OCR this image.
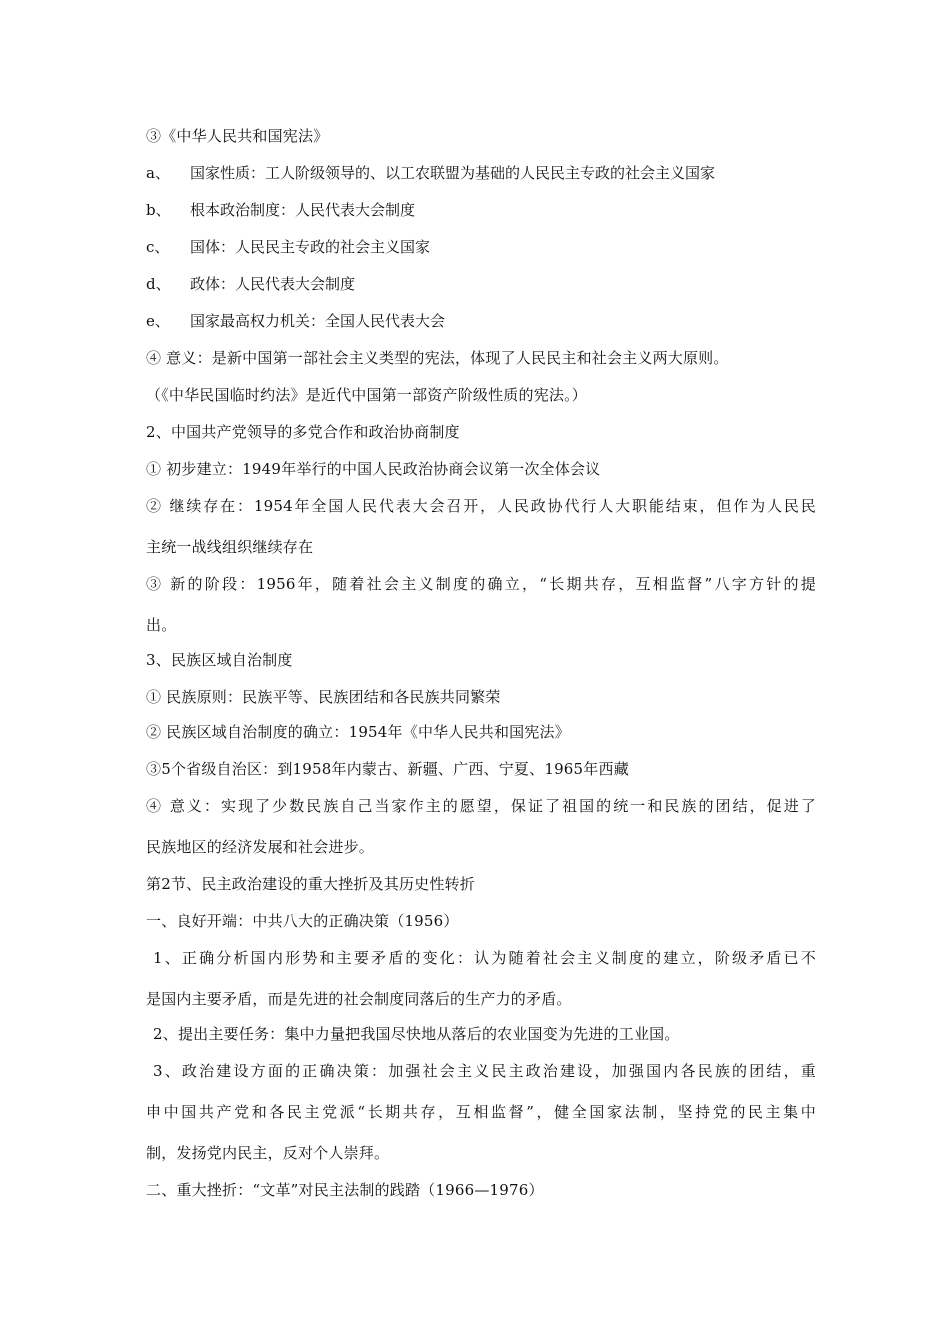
③《中华人民共和国宪法》
a、 国家性质：工人阶级领导的、以工农联盟为基础的人民民主专政的社会主义国家
b、 根本政治制度：人民代表大会制度
c、 国体：人民民主专政的社会主义国家
d、 政体：人民代表大会制度
e、 国家最高权力机关：全国人民代表大会
④ 意义：是新中国第一部社会主义类型的宪法，体现了人民民主和社会主义两大原则。
（《中华民国临时约法》是近代中国第一部资产阶级性质的宪法。）
2、中国共产党领导的多党合作和政治协商制度
① 初步建立：1949年举行的中国人民政治协商会议第一次全体会议
② 继续存在：1954年全国人民代表大会召开，人民政协代行人大职能结束，但作为人民民
主统一战线组织继续存在
③ 新的阶段：1956年，随着社会主义制度的确立，“长期共存，互相监督”八字方针的提
出。
3、民族区域自治制度
① 民族原则：民族平等、民族团结和各民族共同繁荣
② 民族区域自治制度的确立：1954年《中华人民共和国宪法》
③5个省级自治区：到1958年内蒙古、新疆、广西、宁夏、1965年西藏
④ 意义：实现了少数民族自己当家作主的愿望，保证了祖国的统一和民族的团结，促进了
民族地区的经济发展和社会进步。
第2节、民主政治建设的重大挫折及其历史性转折
一、良好开端：中共八大的正确决策（1956）
1、正确分析国内形势和主要矛盾的变化：认为随着社会主义制度的建立，阶级矛盾已不
是国内主要矛盾，而是先进的社会制度同落后的生产力的矛盾。
2、提出主要任务：集中力量把我国尽快地从落后的农业国变为先进的工业国。
3、政治建设方面的正确决策：加强社会主义民主政治建设，加强国内各民族的团结，重
申中国共产党和各民主党派“长期共存，互相监督”，健全国家法制，坚持党的民主集中
制，发扬党内民主，反对个人崇拜。
二、重大挫折：“文革”对民主法制的践踏（1966—1976）
